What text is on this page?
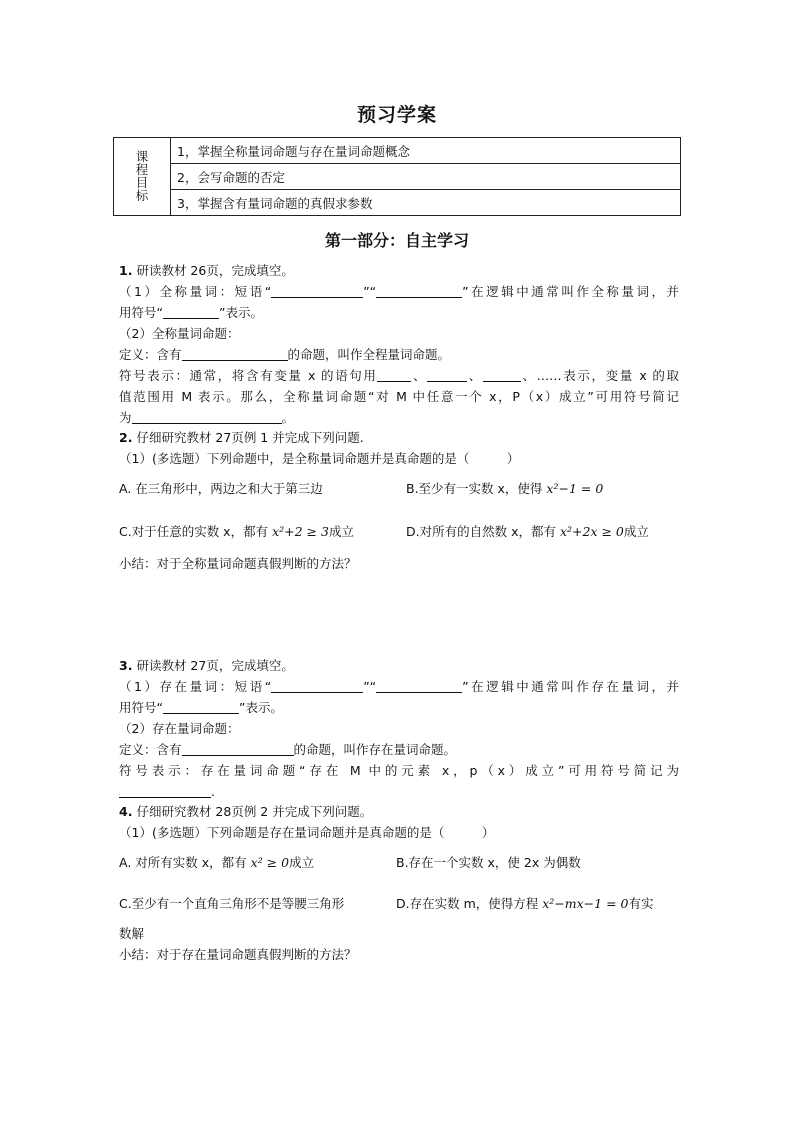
预习学案
课程目标	1，掌握全称量词命题与存在量词命题概念
2，会写命题的否定
3，掌握含有量词命题的真假求参数
第一部分：自主学习
1. 研读教材 26页，完成填空。
（1）全称量词：短语“	”“	”在逻辑中通常叫作全称量词，并
用符号“	”表示。
（2）全称量词命题：
定义：含有	的命题，叫作全程量词命题。
符号表示：通常，将含有变量 x 的语句用	、	、	、……表示，变量 x 的取
值范围用 M 表示。那么，全称量词命题“对 M 中任意一个 x，P（x）成立”可用符号简记
为	。
2. 仔细研究教材 27页例 1 并完成下列问题.
（1）(多选题）下列命题中，是全称量词命题并是真命题的是（　　　）
A. 在三角形中，两边之和大于第三边	B.至少有一实数 x，使得 x²−1 = 0
C.对于任意的实数 x，都有 x²+2 ≥ 3成立	D.对所有的自然数 x，都有 x²+2x ≥ 0成立
小结：对于全称量词命题真假判断的方法？
3. 研读教材 27页，完成填空。
（1）存在量词：短语“	”“	”在逻辑中通常叫作存在量词，并
用符号“	”表示。
（2）存在量词命题：
定义：含有	的命题，叫作存在量词命题。
符号表示：存在量词命题“存在 M 中的元素 x，p（x）成立”可用符号简记为
.
4. 仔细研究教材 28页例 2 并完成下列问题。
（1）(多选题）下列命题是存在量词命题并是真命题的是（　　　）
A. 对所有实数 x，都有 x² ≥ 0成立	B.存在一个实数 x，使 2x 为偶数
C.至少有一个直角三角形不是等腰三角形	D.存在实数 m，使得方程 x²−mx−1 = 0有实
数解
小结：对于存在量词命题真假判断的方法？
